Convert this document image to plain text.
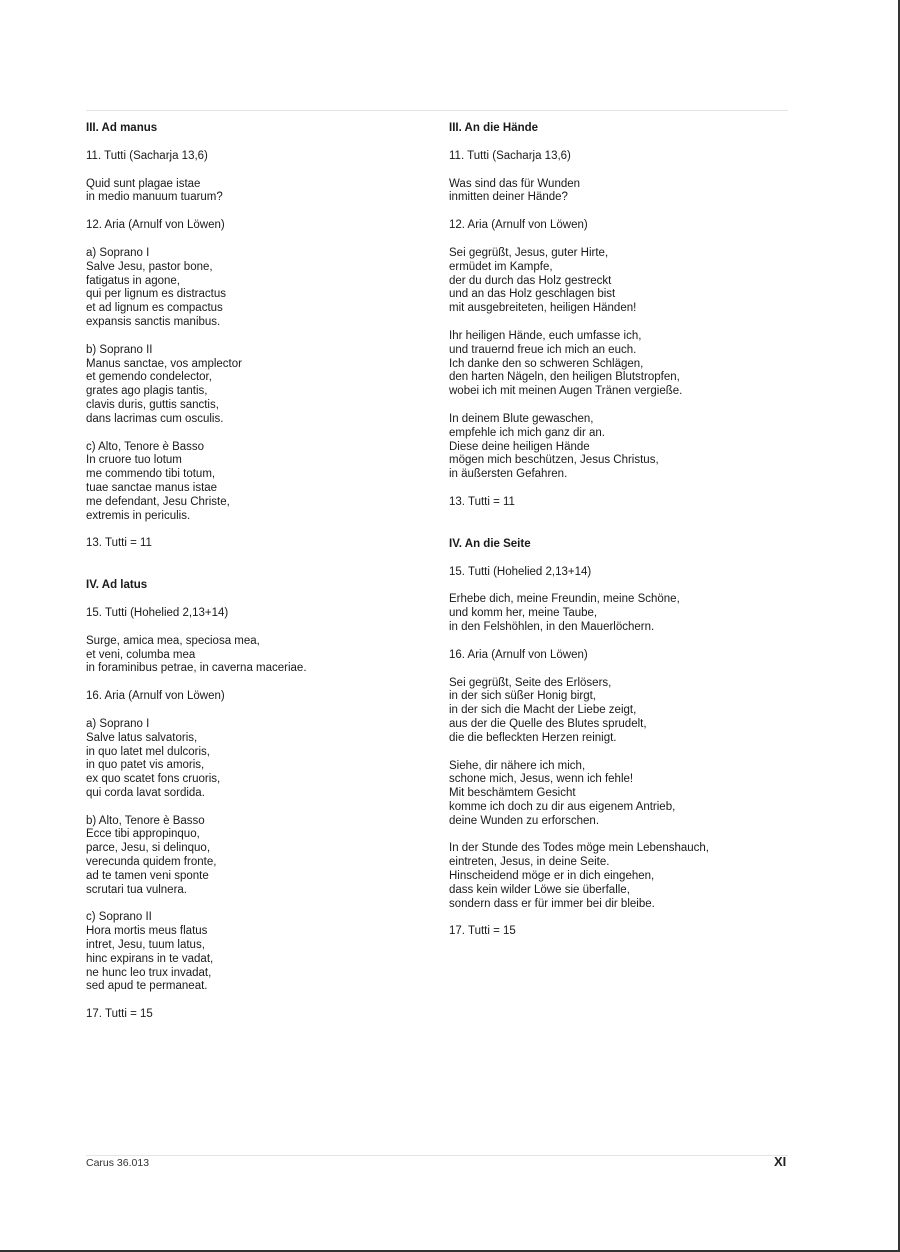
III. Ad manus
11. Tutti (Sacharja 13,6)
Quid sunt plagae istae
in medio manuum tuarum?
12. Aria (Arnulf von Löwen)
a) Soprano I
Salve Jesu, pastor bone,
fatigatus in agone,
qui per lignum es distractus
et ad lignum es compactus
expansis sanctis manibus.
b) Soprano II
Manus sanctae, vos amplector
et gemendo condelector,
grates ago plagis tantis,
clavis duris, guttis sanctis,
dans lacrimas cum osculis.
c) Alto, Tenore è Basso
In cruore tuo lotum
me commendo tibi totum,
tuae sanctae manus istae
me defendant, Jesu Christe,
extremis in periculis.
13. Tutti = 11
IV. Ad latus
15. Tutti (Hohelied 2,13+14)
Surge, amica mea, speciosa mea,
et veni, columba mea
in foraminibus petrae, in caverna maceriae.
16. Aria (Arnulf von Löwen)
a) Soprano I
Salve latus salvatoris,
in quo latet mel dulcoris,
in quo patet vis amoris,
ex quo scatet fons cruoris,
qui corda lavat sordida.
b) Alto, Tenore è Basso
Ecce tibi appropinquo,
parce, Jesu, si delinquo,
verecunda quidem fronte,
ad te tamen veni sponte
scrutari tua vulnera.
c) Soprano II
Hora mortis meus flatus
intret, Jesu, tuum latus,
hinc expirans in te vadat,
ne hunc leo trux invadat,
sed apud te permaneat.
17. Tutti = 15
III. An die Hände
11. Tutti (Sacharja 13,6)
Was sind das für Wunden
inmitten deiner Hände?
12. Aria (Arnulf von Löwen)
Sei gegrüßt, Jesus, guter Hirte,
ermüdet im Kampfe,
der du durch das Holz gestreckt
und an das Holz geschlagen bist
mit ausgebreiteten, heiligen Händen!
Ihr heiligen Hände, euch umfasse ich,
und trauernd freue ich mich an euch.
Ich danke den so schweren Schlägen,
den harten Nägeln, den heiligen Blutstropfen,
wobei ich mit meinen Augen Tränen vergieße.
In deinem Blute gewaschen,
empfehle ich mich ganz dir an.
Diese deine heiligen Hände
mögen mich beschützen, Jesus Christus,
in äußersten Gefahren.
13. Tutti = 11
IV. An die Seite
15. Tutti (Hohelied 2,13+14)
Erhebe dich, meine Freundin, meine Schöne,
und komm her, meine Taube,
in den Felshöhlen, in den Mauerlöchern.
16. Aria (Arnulf von Löwen)
Sei gegrüßt, Seite des Erlösers,
in der sich süßer Honig birgt,
in der sich die Macht der Liebe zeigt,
aus der die Quelle des Blutes sprudelt,
die die befleckten Herzen reinigt.
Siehe, dir nähere ich mich,
schone mich, Jesus, wenn ich fehle!
Mit beschämtem Gesicht
komme ich doch zu dir aus eigenem Antrieb,
deine Wunden zu erforschen.
In der Stunde des Todes möge mein Lebenshauch,
eintreten, Jesus, in deine Seite.
Hinscheidend möge er in dich eingehen,
dass kein wilder Löwe sie überfalle,
sondern dass er für immer bei dir bleibe.
17. Tutti = 15
Carus 36.013	XI
